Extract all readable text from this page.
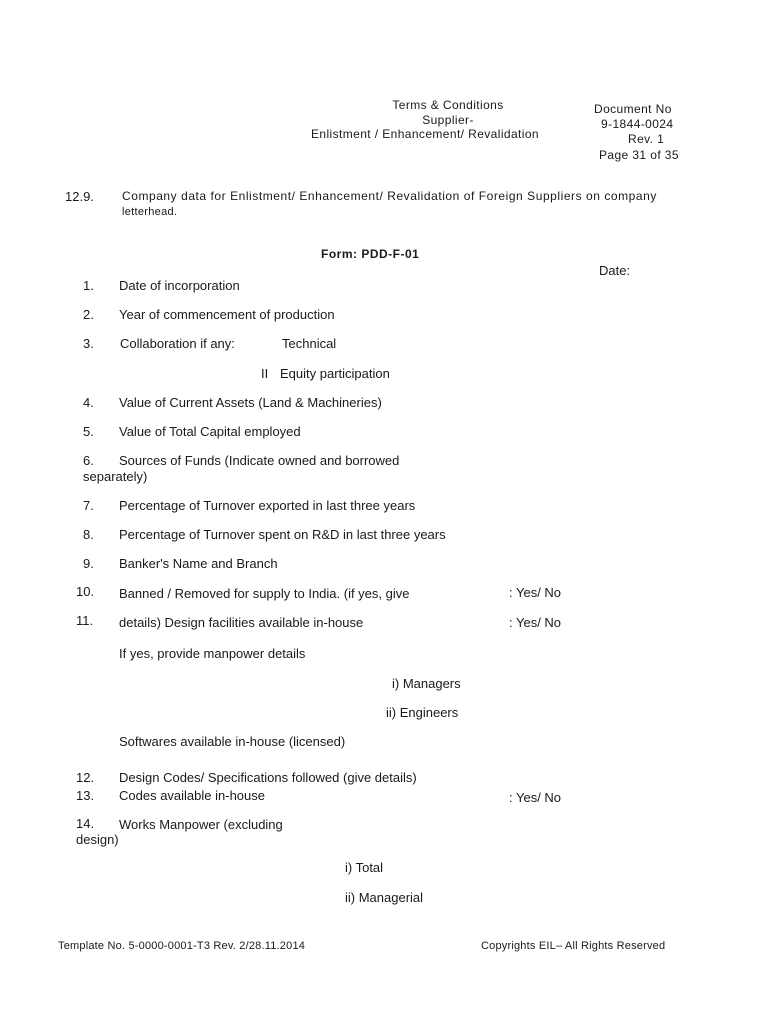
Terms & Conditions
Supplier-
Enlistment / Enhancement/ Revalidation
Document No
9-1844-0024
Rev. 1
Page 31 of 35
12.9. Company data for Enlistment/ Enhancement/ Revalidation of Foreign Suppliers on company
letterhead.
Form: PDD-F-01
Date:
1. Date of incorporation
2. Year of commencement of production
3. Collaboration if any:	Technical
II Equity participation
4. Value of Current Assets (Land & Machineries)
5. Value of Total Capital employed
6. Sources of Funds (Indicate owned and borrowed
separately)
7. Percentage of Turnover exported in last three years
8. Percentage of Turnover spent on R&D in last three years
9. Banker's Name and Branch
10. Banned / Removed for supply to India. (if yes, give	: Yes/ No
11. details) Design facilities available in-house	: Yes/ No
If yes, provide manpower details
i) Managers
ii) Engineers
Softwares available in-house (licensed)
12. Design Codes/ Specifications followed (give details)
13. Codes available in-house	: Yes/ No
14. Works Manpower (excluding
design)
i) Total
ii) Managerial
Template No. 5-0000-0001-T3 Rev. 2/28.11.2014	Copyrights EIL– All Rights Reserved
